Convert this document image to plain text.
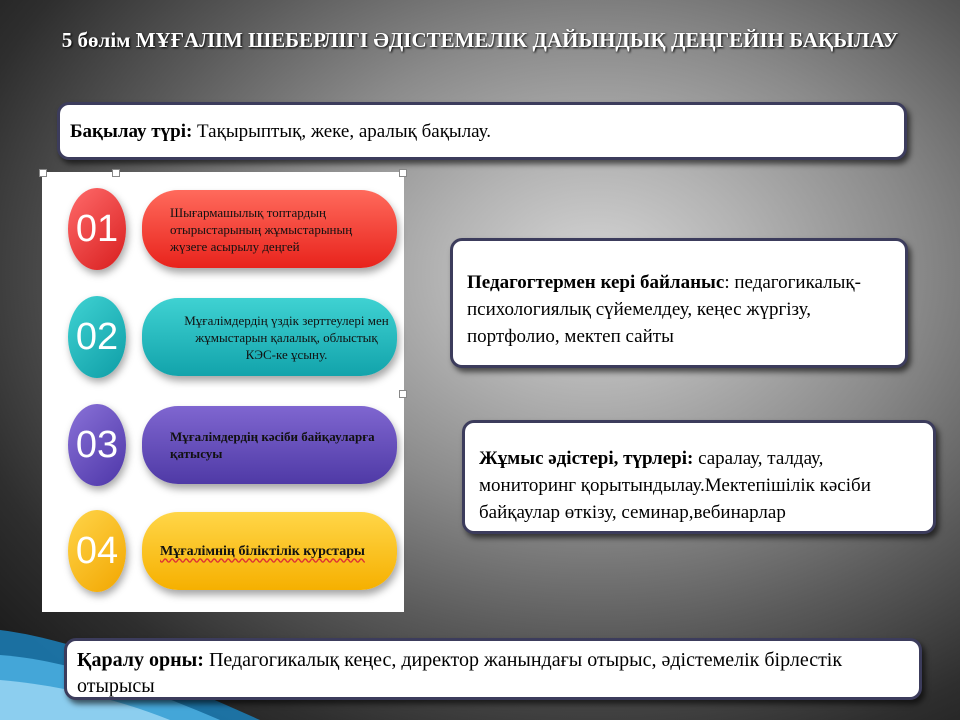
5 бөлім МҰҒАЛІМ ШЕБЕРЛІГІ ӘДІСТЕМЕЛІК ДАЙЫНДЫҚ ДЕҢГЕЙІН БАҚЫЛАУ
Бақылау түрі: Тақырыптық, жеке, аралық бақылау.
01	Шығармашылық топтардың отырыстарының жұмыстарының жүзеге асырылу деңгей
02	Мұғалімдердің үздік зерттеулері мен жұмыстарын қалалық, облыстық КЭС-ке ұсыну.
03	Мұғалімдердің кәсіби байқауларға қатысуы
04	Мұғалімнің біліктілік курстары
Педагогтермен кері байланыс: педагогикалық-психологиялық сүйемелдеу, кеңес жүргізу, портфолио, мектеп сайты
Жұмыс әдістері, түрлері: саралау, талдау, мониторинг қорытындылау.Мектепішілік кәсіби байқаулар өткізу, семинар,вебинарлар
Қаралу орны: Педагогикалық кеңес, директор жанындағы отырыс, әдістемелік бірлестік отырысы
